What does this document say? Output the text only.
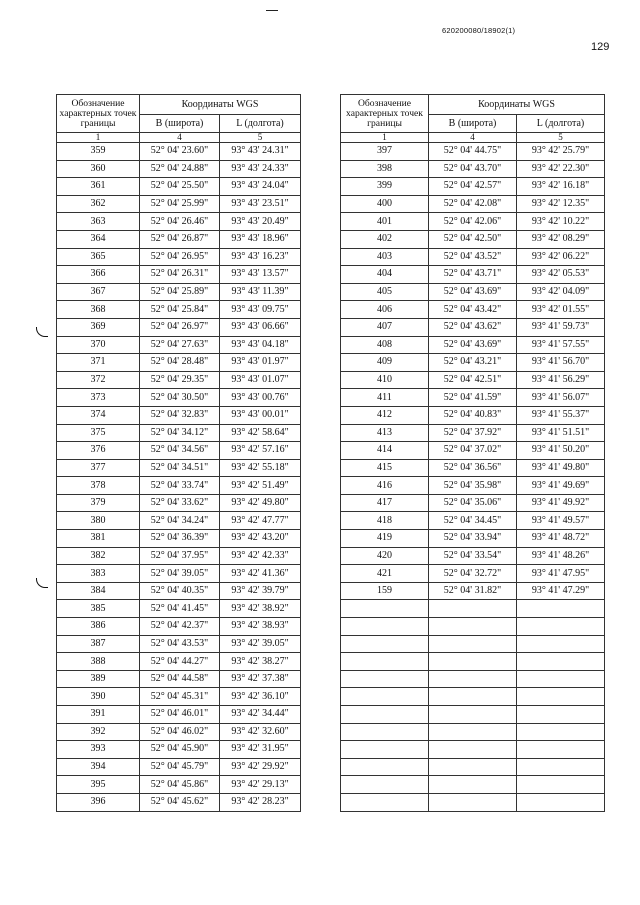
620200080/18902(1)
129
Обозначение характерных точек границы	Координаты WGS	
	B (широта)	L (долгота)
1	4	5
359	52° 04' 23.60"	93° 43' 24.31"
360	52° 04' 24.88"	93° 43' 24.33"
361	52° 04' 25.50"	93° 43' 24.04"
362	52° 04' 25.99"	93° 43' 23.51"
363	52° 04' 26.46"	93° 43' 20.49"
364	52° 04' 26.87"	93° 43' 18.96"
365	52° 04' 26.95"	93° 43' 16.23"
366	52° 04' 26.31"	93° 43' 13.57"
367	52° 04' 25.89"	93° 43' 11.39"
368	52° 04' 25.84"	93° 43' 09.75"
369	52° 04' 26.97"	93° 43' 06.66"
370	52° 04' 27.63"	93° 43' 04.18"
371	52° 04' 28.48"	93° 43' 01.97"
372	52° 04' 29.35"	93° 43' 01.07"
373	52° 04' 30.50"	93° 43' 00.76"
374	52° 04' 32.83"	93° 43' 00.01"
375	52° 04' 34.12"	93° 42' 58.64"
376	52° 04' 34.56"	93° 42' 57.16"
377	52° 04' 34.51"	93° 42' 55.18"
378	52° 04' 33.74"	93° 42' 51.49"
379	52° 04' 33.62"	93° 42' 49.80"
380	52° 04' 34.24"	93° 42' 47.77"
381	52° 04' 36.39"	93° 42' 43.20"
382	52° 04' 37.95"	93° 42' 42.33"
383	52° 04' 39.05"	93° 42' 41.36"
384	52° 04' 40.35"	93° 42' 39.79"
385	52° 04' 41.45"	93° 42' 38.92"
386	52° 04' 42.37"	93° 42' 38.93"
387	52° 04' 43.53"	93° 42' 39.05"
388	52° 04' 44.27"	93° 42' 38.27"
389	52° 04' 44.58"	93° 42' 37.38"
390	52° 04' 45.31"	93° 42' 36.10"
391	52° 04' 46.01"	93° 42' 34.44"
392	52° 04' 46.02"	93° 42' 32.60"
393	52° 04' 45.90"	93° 42' 31.95"
394	52° 04' 45.79"	93° 42' 29.92"
395	52° 04' 45.86"	93° 42' 29.13"
396	52° 04' 45.62"	93° 42' 28.23"
Обозначение характерных точек границы	Координаты WGS	
	B (широта)	L (долгота)
1	4	5
397	52° 04' 44.75"	93° 42' 25.79"
398	52° 04' 43.70"	93° 42' 22.30"
399	52° 04' 42.57"	93° 42' 16.18"
400	52° 04' 42.08"	93° 42' 12.35"
401	52° 04' 42.06"	93° 42' 10.22"
402	52° 04' 42.50"	93° 42' 08.29"
403	52° 04' 43.52"	93° 42' 06.22"
404	52° 04' 43.71"	93° 42' 05.53"
405	52° 04' 43.69"	93° 42' 04.09"
406	52° 04' 43.42"	93° 42' 01.55"
407	52° 04' 43.62"	93° 41' 59.73"
408	52° 04' 43.69"	93° 41' 57.55"
409	52° 04' 43.21"	93° 41' 56.70"
410	52° 04' 42.51"	93° 41' 56.29"
411	52° 04' 41.59"	93° 41' 56.07"
412	52° 04' 40.83"	93° 41' 55.37"
413	52° 04' 37.92"	93° 41' 51.51"
414	52° 04' 37.02"	93° 41' 50.20"
415	52° 04' 36.56"	93° 41' 49.80"
416	52° 04' 35.98"	93° 41' 49.69"
417	52° 04' 35.06"	93° 41' 49.92"
418	52° 04' 34.45"	93° 41' 49.57"
419	52° 04' 33.94"	93° 41' 48.72"
420	52° 04' 33.54"	93° 41' 48.26"
421	52° 04' 32.72"	93° 41' 47.95"
159	52° 04' 31.82"	93° 41' 47.29"
